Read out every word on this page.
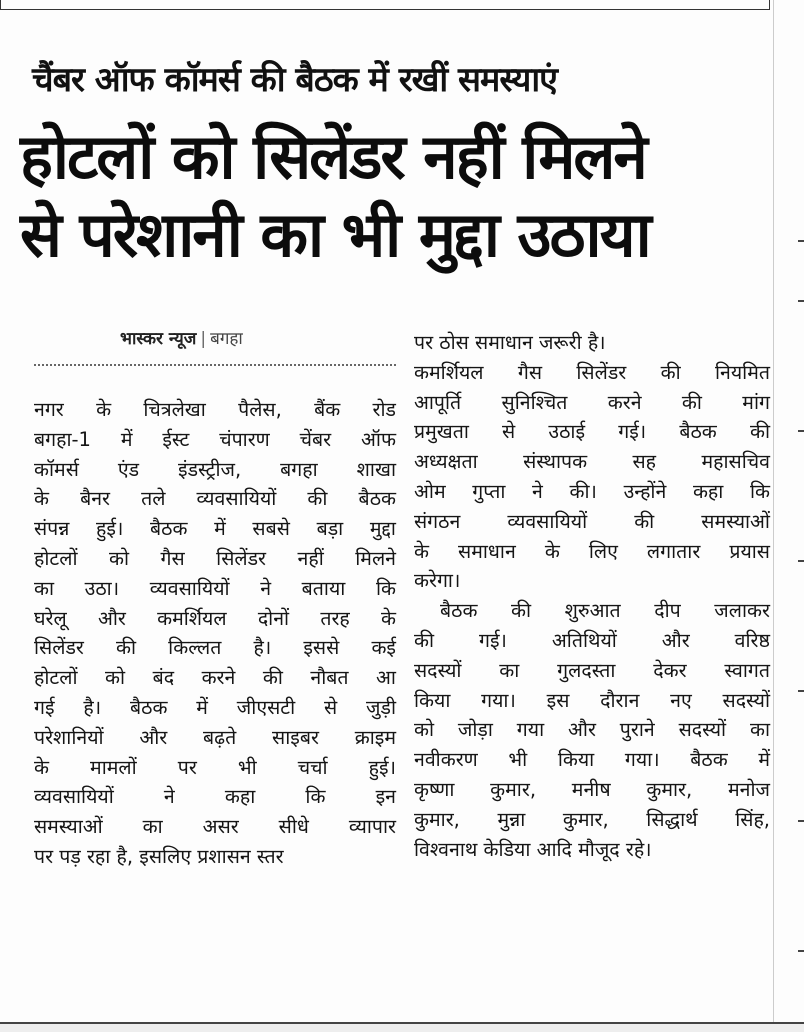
चैंबर ऑफ कॉमर्स की बैठक में रखीं समस्याएं
होटलों को सिलेंडर नहीं मिलने
से परेशानी का भी मुद्दा उठाया
भास्कर न्यूज | बगहा
नगर के चित्रलेखा पैलेस, बैंक रोड
बगहा-1 में ईस्ट चंपारण चेंबर ऑफ
कॉमर्स एंड इंडस्ट्रीज, बगहा शाखा
के बैनर तले व्यवसायियों की बैठक
संपन्न हुई। बैठक में सबसे बड़ा मुद्दा
होटलों को गैस सिलेंडर नहीं मिलने
का उठा। व्यवसायियों ने बताया कि
घरेलू और कमर्शियल दोनों तरह के
सिलेंडर की किल्लत है। इससे कई
होटलों को बंद करने की नौबत आ
गई है। बैठक में जीएसटी से जुड़ी
परेशानियों और बढ़ते साइबर क्राइम
के मामलों पर भी चर्चा हुई।
व्यवसायियों ने कहा कि इन
समस्याओं का असर सीधे व्यापार
पर पड़ रहा है, इसलिए प्रशासन स्तर
पर ठोस समाधान जरूरी है।
कमर्शियल गैस सिलेंडर की नियमित
आपूर्ति सुनिश्चित करने की मांग
प्रमुखता से उठाई गई। बैठक की
अध्यक्षता संस्थापक सह महासचिव
ओम गुप्ता ने की। उन्होंने कहा कि
संगठन व्यवसायियों की समस्याओं
के समाधान के लिए लगातार प्रयास
करेगा।
बैठक की शुरुआत दीप जलाकर
की गई। अतिथियों और वरिष्ठ
सदस्यों का गुलदस्ता देकर स्वागत
किया गया। इस दौरान नए सदस्यों
को जोड़ा गया और पुराने सदस्यों का
नवीकरण भी किया गया। बैठक में
कृष्णा कुमार, मनीष कुमार, मनोज
कुमार, मुन्ना कुमार, सिद्धार्थ सिंह,
विश्वनाथ केडिया आदि मौजूद रहे।
